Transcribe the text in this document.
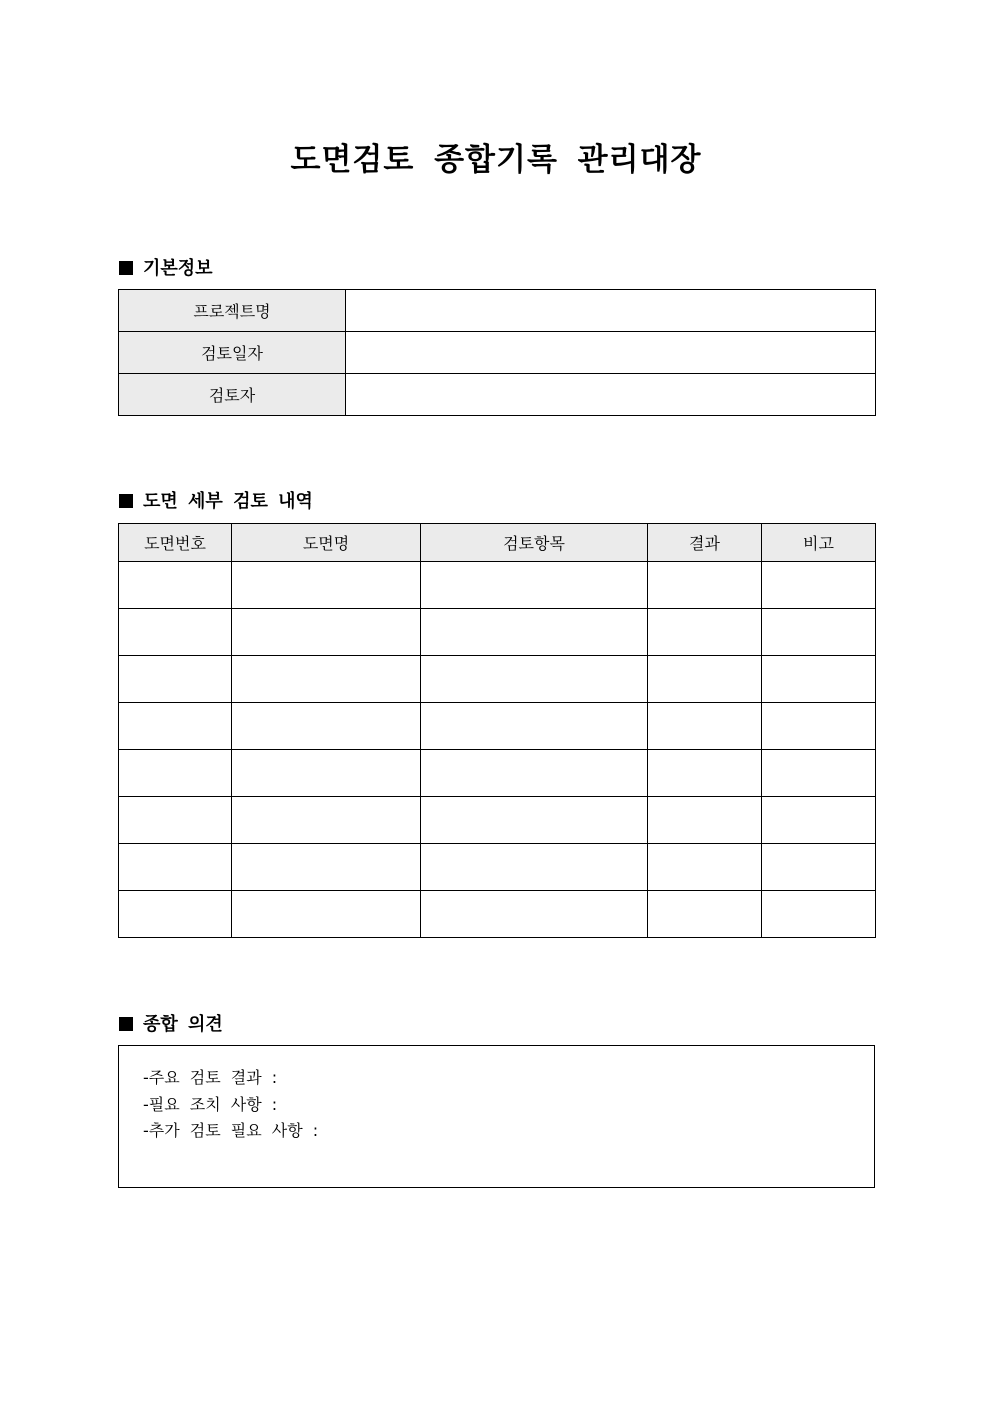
도면검토 종합기록 관리대장
기본정보
프로젝트명	
검토일자	
검토자	
도면 세부 검토 내역
도면번호	도면명	검토항목	결과	비고

종합 의견
-주요 검토 결과 :
-필요 조치 사항 :
-추가 검토 필요 사항 :
